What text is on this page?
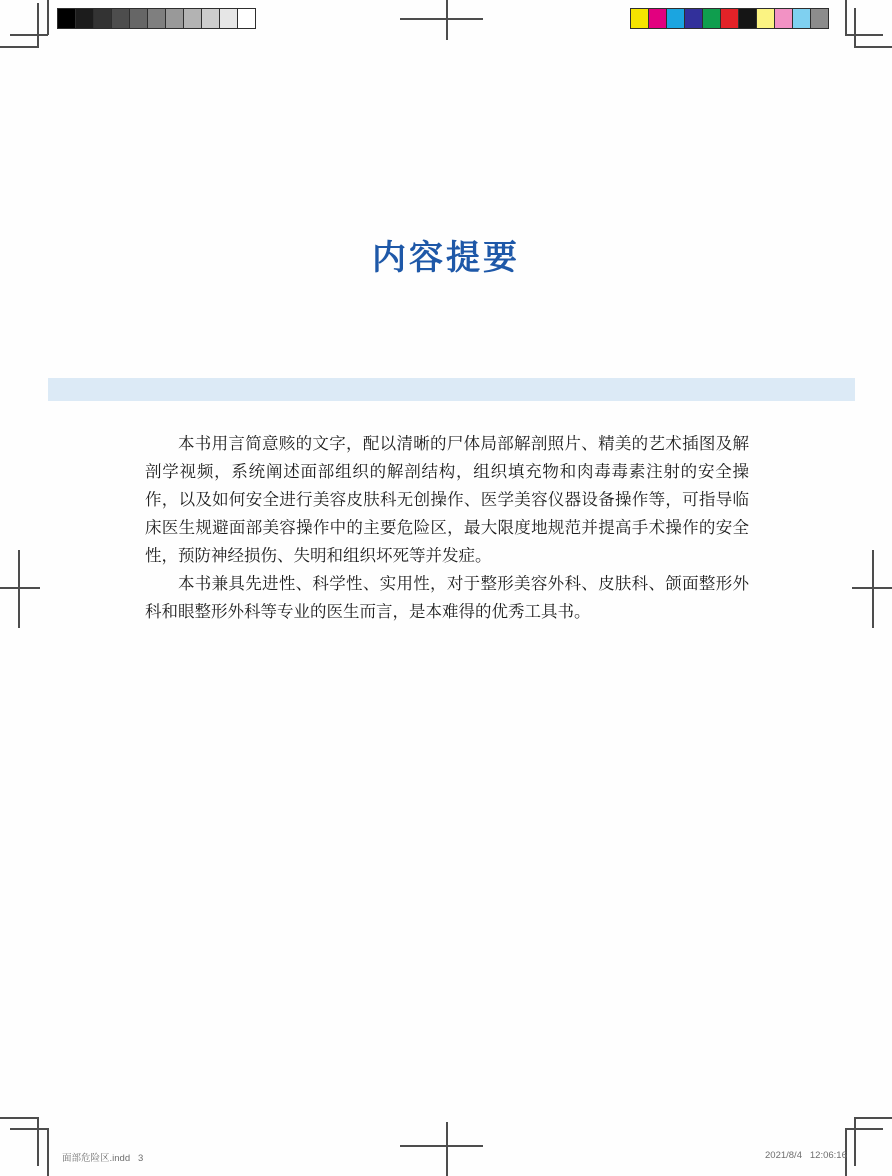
内容提要

本书用言简意赅的文字，配以清晰的尸体局部解剖照片、精美的艺术插图及解剖学视频，系统阐述面部组织的解剖结构，组织填充物和肉毒毒素注射的安全操作，以及如何安全进行美容皮肤科无创操作、医学美容仪器设备操作等，可指导临床医生规避面部美容操作中的主要危险区，最大限度地规范并提高手术操作的安全性，预防神经损伤、失明和组织坏死等并发症。

本书兼具先进性、科学性、实用性，对于整形美容外科、皮肤科、颌面整形外科和眼整形外科等专业的医生而言，是本难得的优秀工具书。

面部危险区.indd   3	2021/8/4   12:06:16
